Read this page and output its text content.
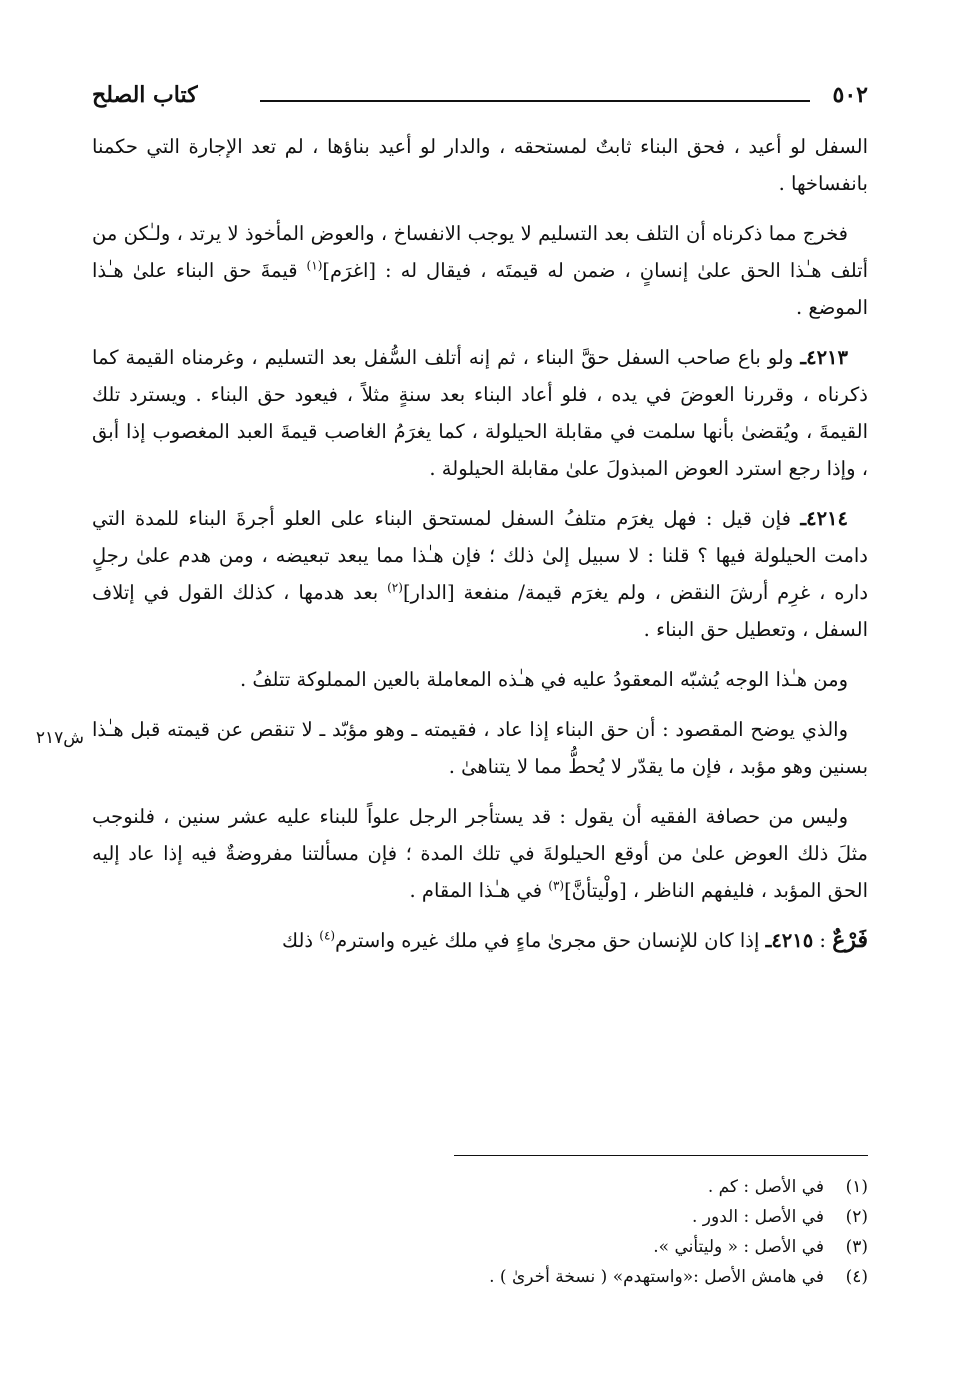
٥٠٢
كتاب الصلح

السفل لو أعيد ، فحق البناء ثابتٌ لمستحقه ، والدار لو أعيد بناؤها ، لم تعد الإجارة التي حكمنا بانفساخها .

فخرج مما ذكرناه أن التلف بعد التسليم لا يوجب الانفساخ ، والعوض المأخوذ لا يرتد ، ولـٰكن من أتلف هـٰذا الحق علىٰ إنسانٍ ، ضمن له قيمتَه ، فيقال له : [اغرَم]$^{(١)}$ قيمةَ حق البناء علىٰ هـٰذا الموضع .

٤٢١٣ـ ولو باع صاحب السفل حقَّ البناء ، ثم إنه أتلف السُّفل بعد التسليم ، وغرمناه القيمة كما ذكرناه ، وقررنا العوضَ في يده ، فلو أعاد البناء بعد سنةٍ مثلاً ، فيعود حق البناء . ويسترد تلك القيمةَ ، ويُقضىٰ بأنها سلمت في مقابلة الحيلولة ، كما يغرَمُ الغاصب قيمةَ العبد المغصوب إذا أبق ، وإذا رجع استرد العوض المبذولَ علىٰ مقابلة الحيلولة .

٤٢١٤ـ فإن قيل : فهل يغرَم متلفُ السفل لمستحق البناء على العلو أجرةَ البناء للمدة التي دامت الحيلولة فيها ؟ قلنا : لا سبيل إلىٰ ذلك ؛ فإن هـٰذا مما يبعد تبعيضه ، ومن هدم علىٰ رجلٍ داره ، غرِم أرشَ النقض ، ولم يغرَم قيمة/ منفعة [الدار]$^{(٢)}$ بعد هدمها ، كذلك القول في إتلاف السفل ، وتعطيل حق البناء .

ومن هـٰذا الوجه يُشبّه المعقودُ عليه في هـٰذه المعاملة بالعين المملوكة تتلفُ .

والذي يوضح المقصود : أن حق البناء إذا عاد ، فقيمته ـ وهو مؤبّد ـ لا تنقص عن قيمته قبل هـٰذا بسنين وهو مؤبد ، فإن ما يقدّر لا يُحطُّ مما لا يتناهىٰ .

وليس من حصافة الفقيه أن يقول : قد يستأجر الرجل علواً للبناء عليه عشر سنين ، فلنوجب مثلَ ذلك العوض علىٰ من أوقع الحيلولةَ في تلك المدة ؛ فإن مسألتنا مفروضةٌ فيه إذا عاد إليه الحق المؤبد ، فليفهم الناظر ، [ولْيتأنَّ]$^{(٣)}$ في هـٰذا المقام .

فَرْعٌ : ٤٢١٥ـ إذا كان للإنسان حق مجرىٰ ماءٍ في ملك غيره واسترم$^{(٤)}$ ذلك

ش٢١٧
(١)
في الأصل : كم .
(٢)
في الأصل : الدور .
(٣)
في الأصل : « وليتأني ».
(٤)
في هامش الأصل :«واستهدم» ( نسخة أخرىٰ ) .
